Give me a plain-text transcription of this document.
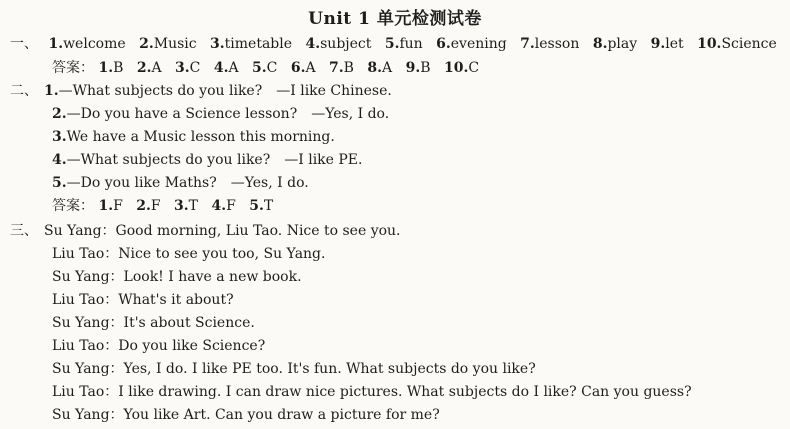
Unit 1 单元检测试卷
一、 1.welcome 2.Music 3.timetable 4.subject 5.fun 6.evening 7.lesson 8.play 9.let 10.Science
答案： 1.B 2.A 3.C 4.A 5.C 6.A 7.B 8.A 9.B 10.C
二、 1.—What subjects do you like? —I like Chinese.
2.—Do you have a Science lesson? —Yes, I do.
3.We have a Music lesson this morning.
4.—What subjects do you like? —I like PE.
5.—Do you like Maths? —Yes, I do.
答案： 1.F 2.F 3.T 4.F 5.T
三、 Su Yang：Good morning, Liu Tao. Nice to see you.
Liu Tao：Nice to see you too, Su Yang.
Su Yang：Look! I have a new book.
Liu Tao：What's it about?
Su Yang：It's about Science.
Liu Tao：Do you like Science?
Su Yang：Yes, I do. I like PE too. It's fun. What subjects do you like?
Liu Tao：I like drawing. I can draw nice pictures. What subjects do I like? Can you guess?
Su Yang：You like Art. Can you draw a picture for me?
